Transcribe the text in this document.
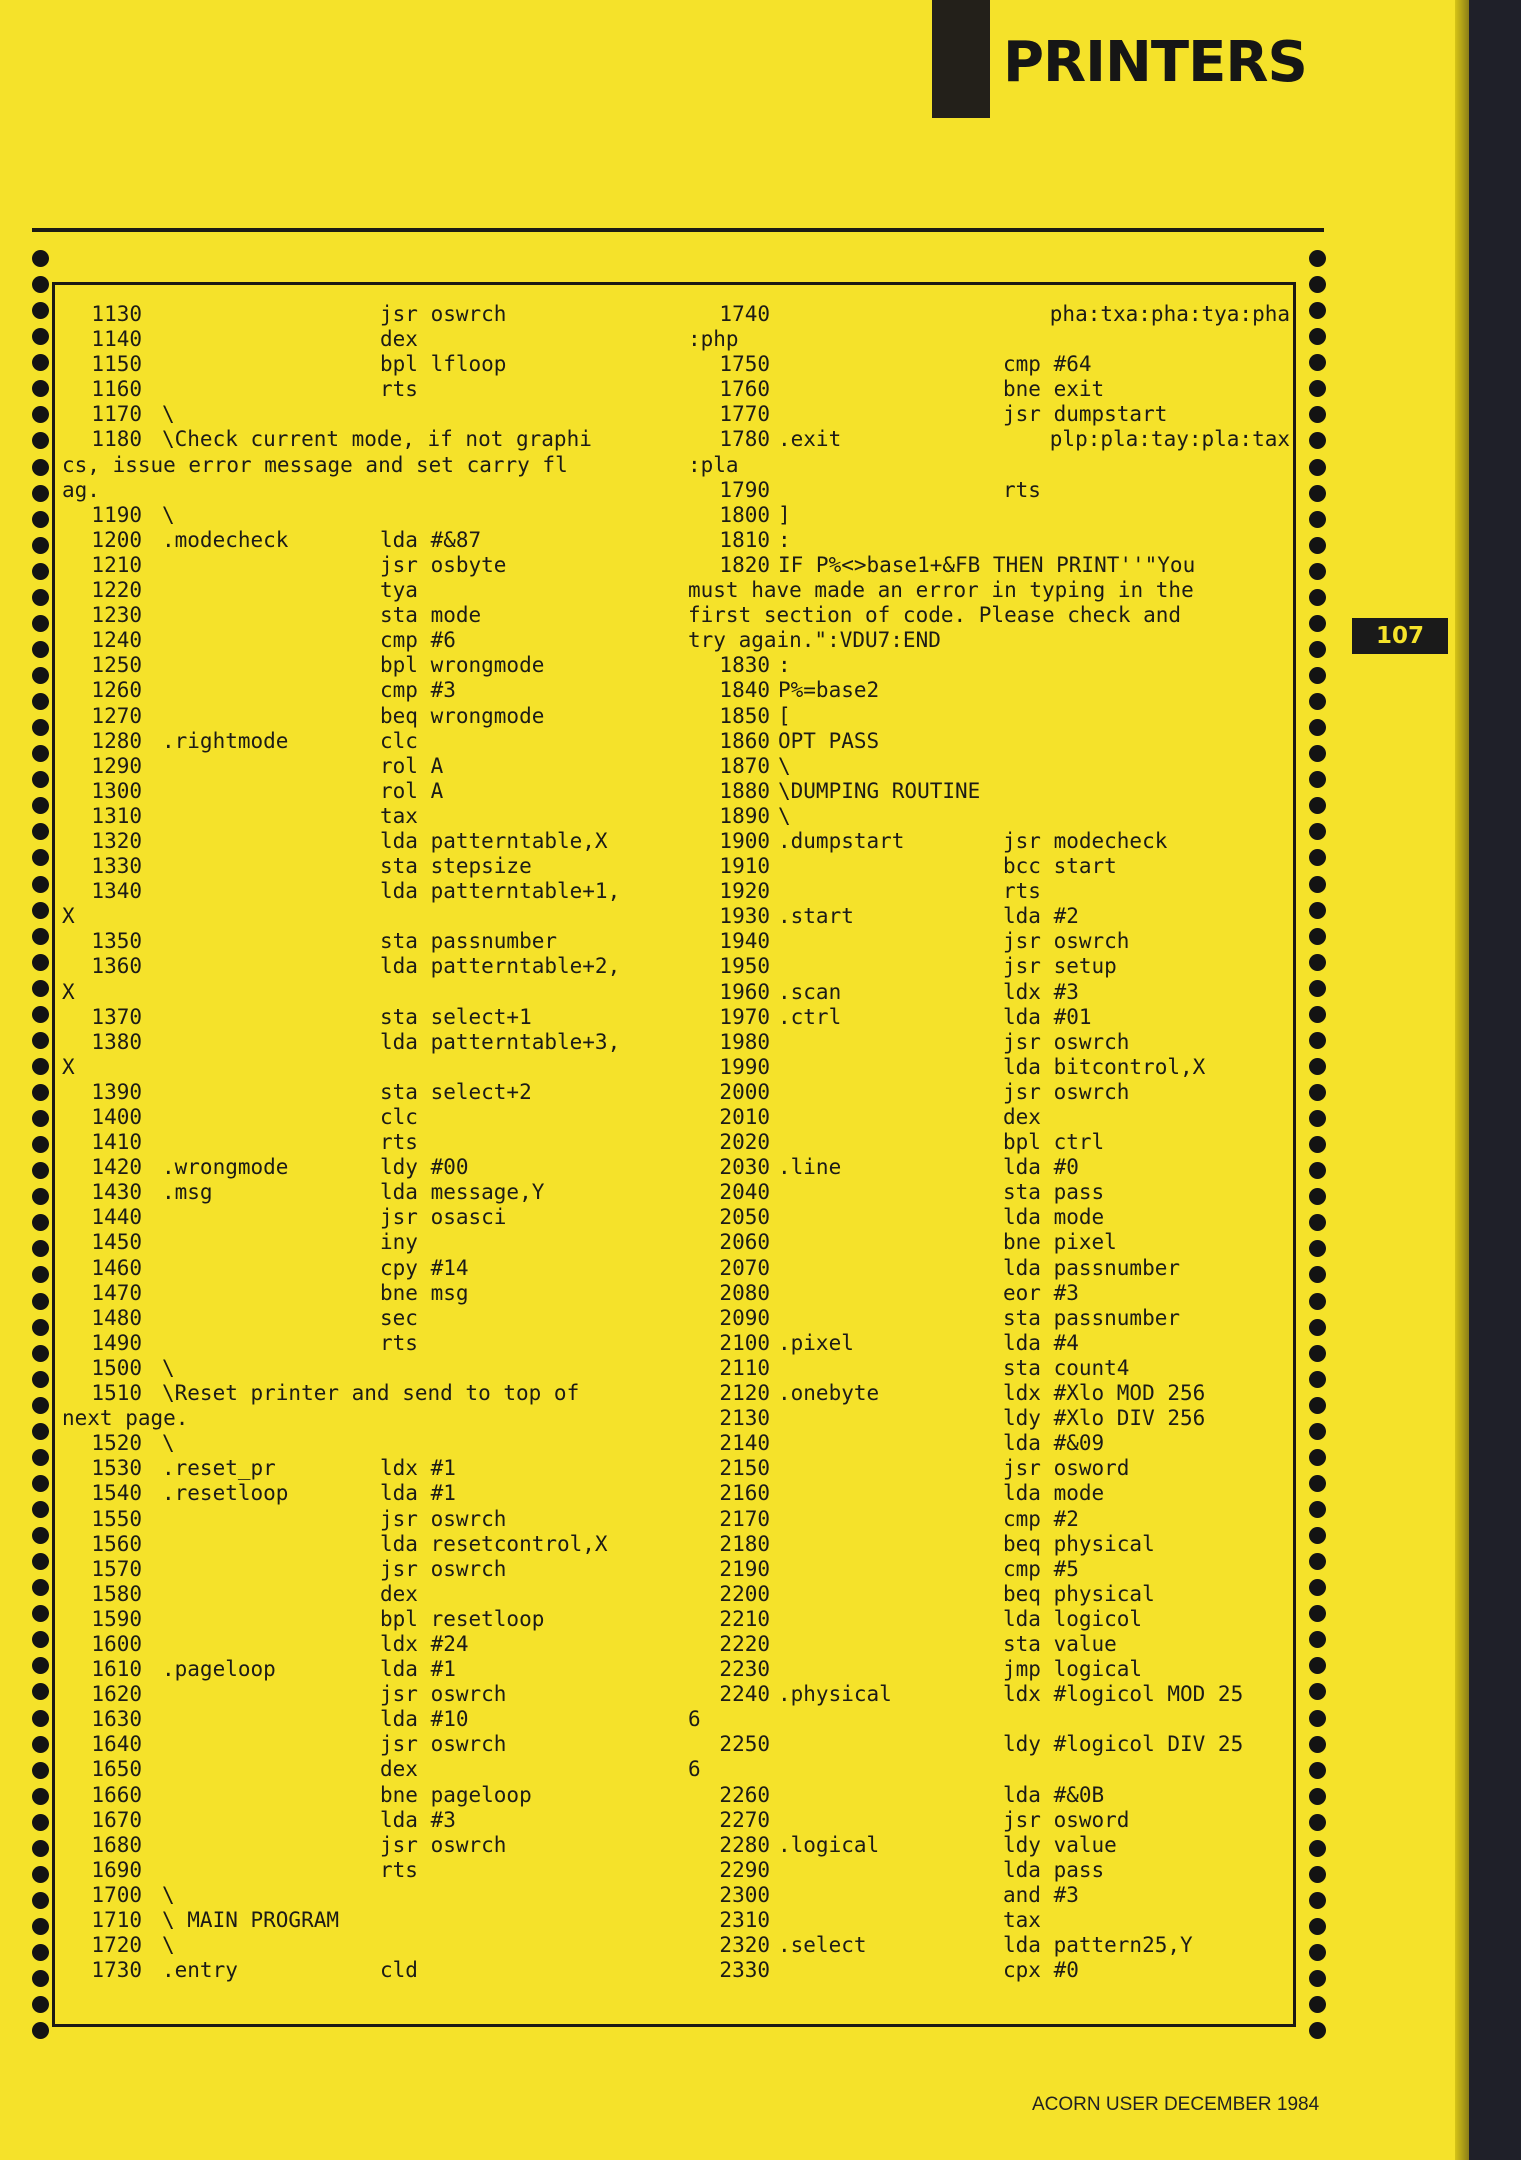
PRINTERS
1130	jsr oswrch
1140	dex
1150	bpl lfloop
1160	rts
1170 \
1180 \Check current mode, if not graphi
cs, issue error message and set carry fl
ag.
1190 \
1200 .modecheck	lda #&87
1210	jsr osbyte
1220	tya
1230	sta mode
1240	cmp #6
1250	bpl wrongmode
1260	cmp #3
1270	beq wrongmode
1280 .rightmode	clc
1290	rol A
1300	rol A
1310	tax
1320	lda patterntable,X
1330	sta stepsize
1340	lda patterntable+1,
X
1350	sta passnumber
1360	lda patterntable+2,
X
1370	sta select+1
1380	lda patterntable+3,
X
1390	sta select+2
1400	clc
1410	rts
1420 .wrongmode	ldy #00
1430 .msg	lda message,Y
1440	jsr osasci
1450	iny
1460	cpy #14
1470	bne msg
1480	sec
1490	rts
1500 \
1510 \Reset printer and send to top of
next page.
1520 \
1530 .reset_pr	ldx #1
1540 .resetloop	lda #1
1550	jsr oswrch
1560	lda resetcontrol,X
1570	jsr oswrch
1580	dex
1590	bpl resetloop
1600	ldx #24
1610 .pageloop	lda #1
1620	jsr oswrch
1630	lda #10
1640	jsr oswrch
1650	dex
1660	bne pageloop
1670	lda #3
1680	jsr oswrch
1690	rts
1700 \
1710 \ MAIN PROGRAM
1720 \
1730 .entry	cld
1740	pha:txa:pha:tya:pha
:php
1750	cmp #64
1760	bne exit
1770	jsr dumpstart
1780 .exit	plp:pla:tay:pla:tax
:pla
1790	rts
1800 ]
1810 :
1820 IF P%<>base1+&FB THEN PRINT''"You
must have made an error in typing in the
first section of code. Please check and
try again.":VDU7:END
1830 :
1840 P%=base2
1850 [
1860 OPT PASS
1870 \
1880 \DUMPING ROUTINE
1890 \
1900 .dumpstart	jsr modecheck
1910	bcc start
1920	rts
1930 .start	lda #2
1940	jsr oswrch
1950	jsr setup
1960 .scan	ldx #3
1970 .ctrl	lda #01
1980	jsr oswrch
1990	lda bitcontrol,X
2000	jsr oswrch
2010	dex
2020	bpl ctrl
2030 .line	lda #0
2040	sta pass
2050	lda mode
2060	bne pixel
2070	lda passnumber
2080	eor #3
2090	sta passnumber
2100 .pixel	lda #4
2110	sta count4
2120 .onebyte	ldx #Xlo MOD 256
2130	ldy #Xlo DIV 256
2140	lda #&09
2150	jsr osword
2160	lda mode
2170	cmp #2
2180	beq physical
2190	cmp #5
2200	beq physical
2210	lda logicol
2220	sta value
2230	jmp logical
2240 .physical	ldx #logicol MOD 25
6
2250	ldy #logicol DIV 25
6
2260	lda #&0B
2270	jsr osword
2280 .logical	ldy value
2290	lda pass
2300	and #3
2310	tax
2320 .select	lda pattern25,Y
2330	cpx #0
107
ACORN USER DECEMBER 1984
